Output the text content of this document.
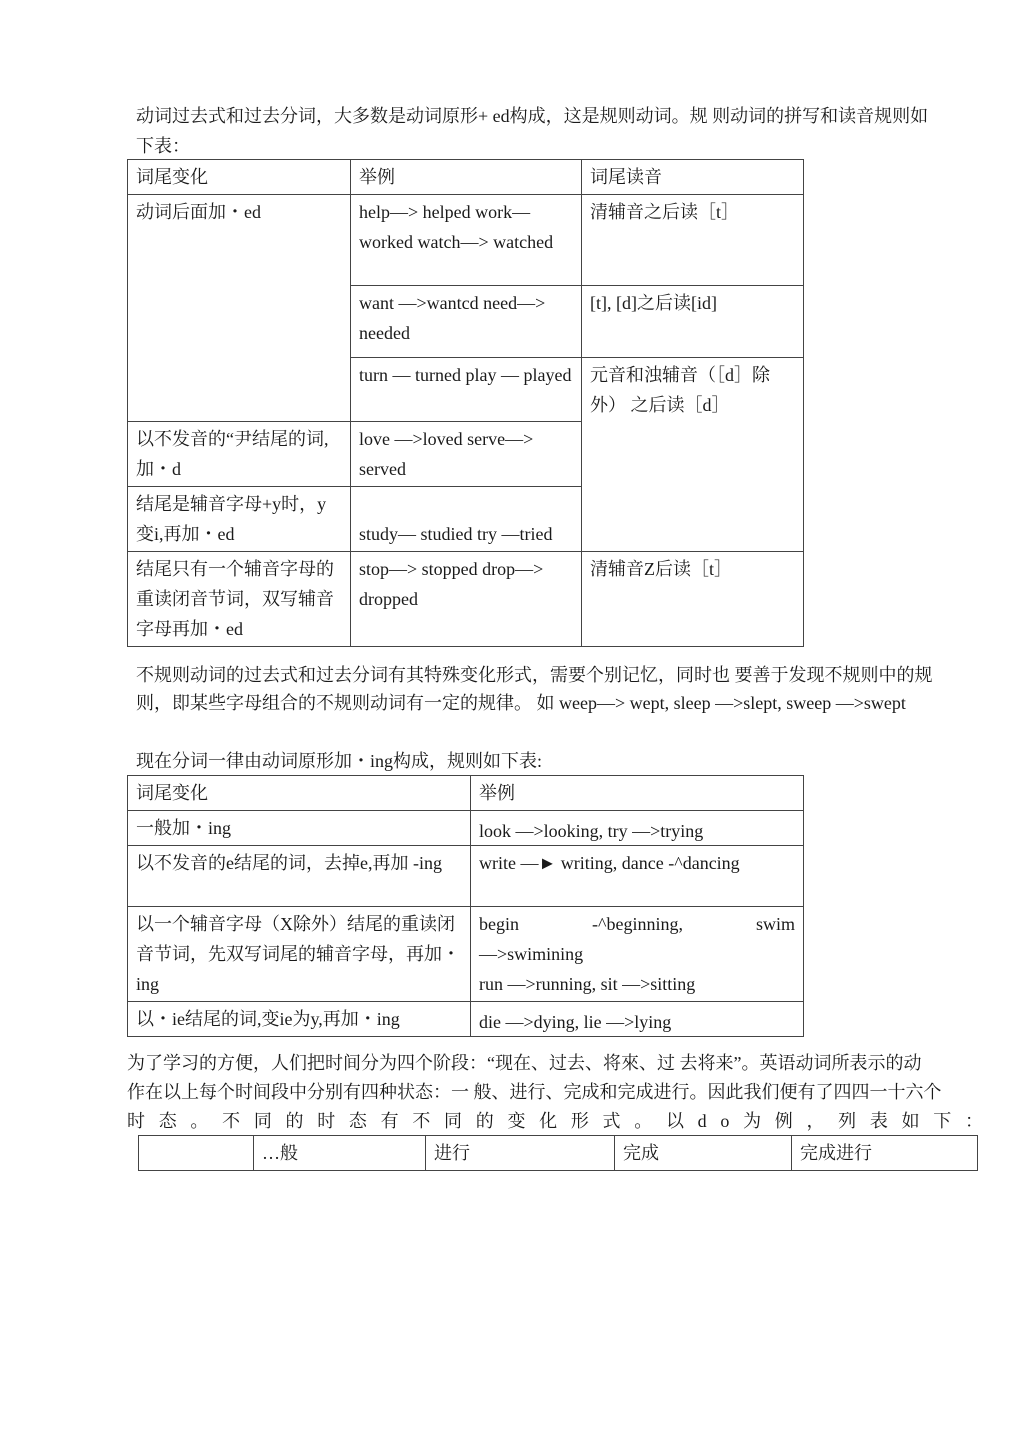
动词过去式和过去分词，大多数是动词原形+ ed构成，这是规则动词。规 则动词的拼写和读音规则如
下表：
词尾变化	举例	词尾读音
动词后面加・ed	help—> helped work—worked watch—> watched	清辅音之后读［t］
	want —>wantcd need—> needed	[t], [d]之后读[id]
	turn — turned play — played	元音和浊辅音（［d］除外） 之后读［d］
以不发音的“尹结尾的词,加・d	love —>loved serve—> served	
结尾是辅音字母+y时，y变i,再加・ed	study— studied try —tried	
结尾只有一个辅音字母的重读闭音节词，双写辅音字母再加・ed	stop—> stopped drop—> dropped	清辅音Z后读［t］
不规则动词的过去式和过去分词有其特殊变化形式，需要个别记忆，同时也 要善于发现不规则中的规
则，即某些字母组合的不规则动词有一定的规律。 如 weep—> wept, sleep —>slept, sweep —>swept
现在分词一律由动词原形加・ing构成，规则如下表:
词尾变化	举例
一般加・ing	look —>looking, try —>trying
以不发音的e结尾的词，去掉e,再加 -ing	write —► writing, dance -^dancing
以一个辅音字母（X除外）结尾的重读闭音节词，先双写词尾的辅音字母，再加・ing	begin -^beginning, swim
—>swimining
run —>running, sit —>sitting

以・ie结尾的词,变ie为y,再加・ing	die —>dying, lie —>lying
为了学习的方便，人们把时间分为四个阶段：“现在、过去、将來、过 去将来”。英语动词所表示的动
作在以上每个时间段中分别有四种状态：一 般、进行、完成和完成进行。因此我们便有了四四一十六个
时 态 。 不 同 的 时 态 有 不 同 的 变 化 形 式 。 以 d o 为 例 ， 列 表 如 下 ：
	…般	进行	完成	完成进行
